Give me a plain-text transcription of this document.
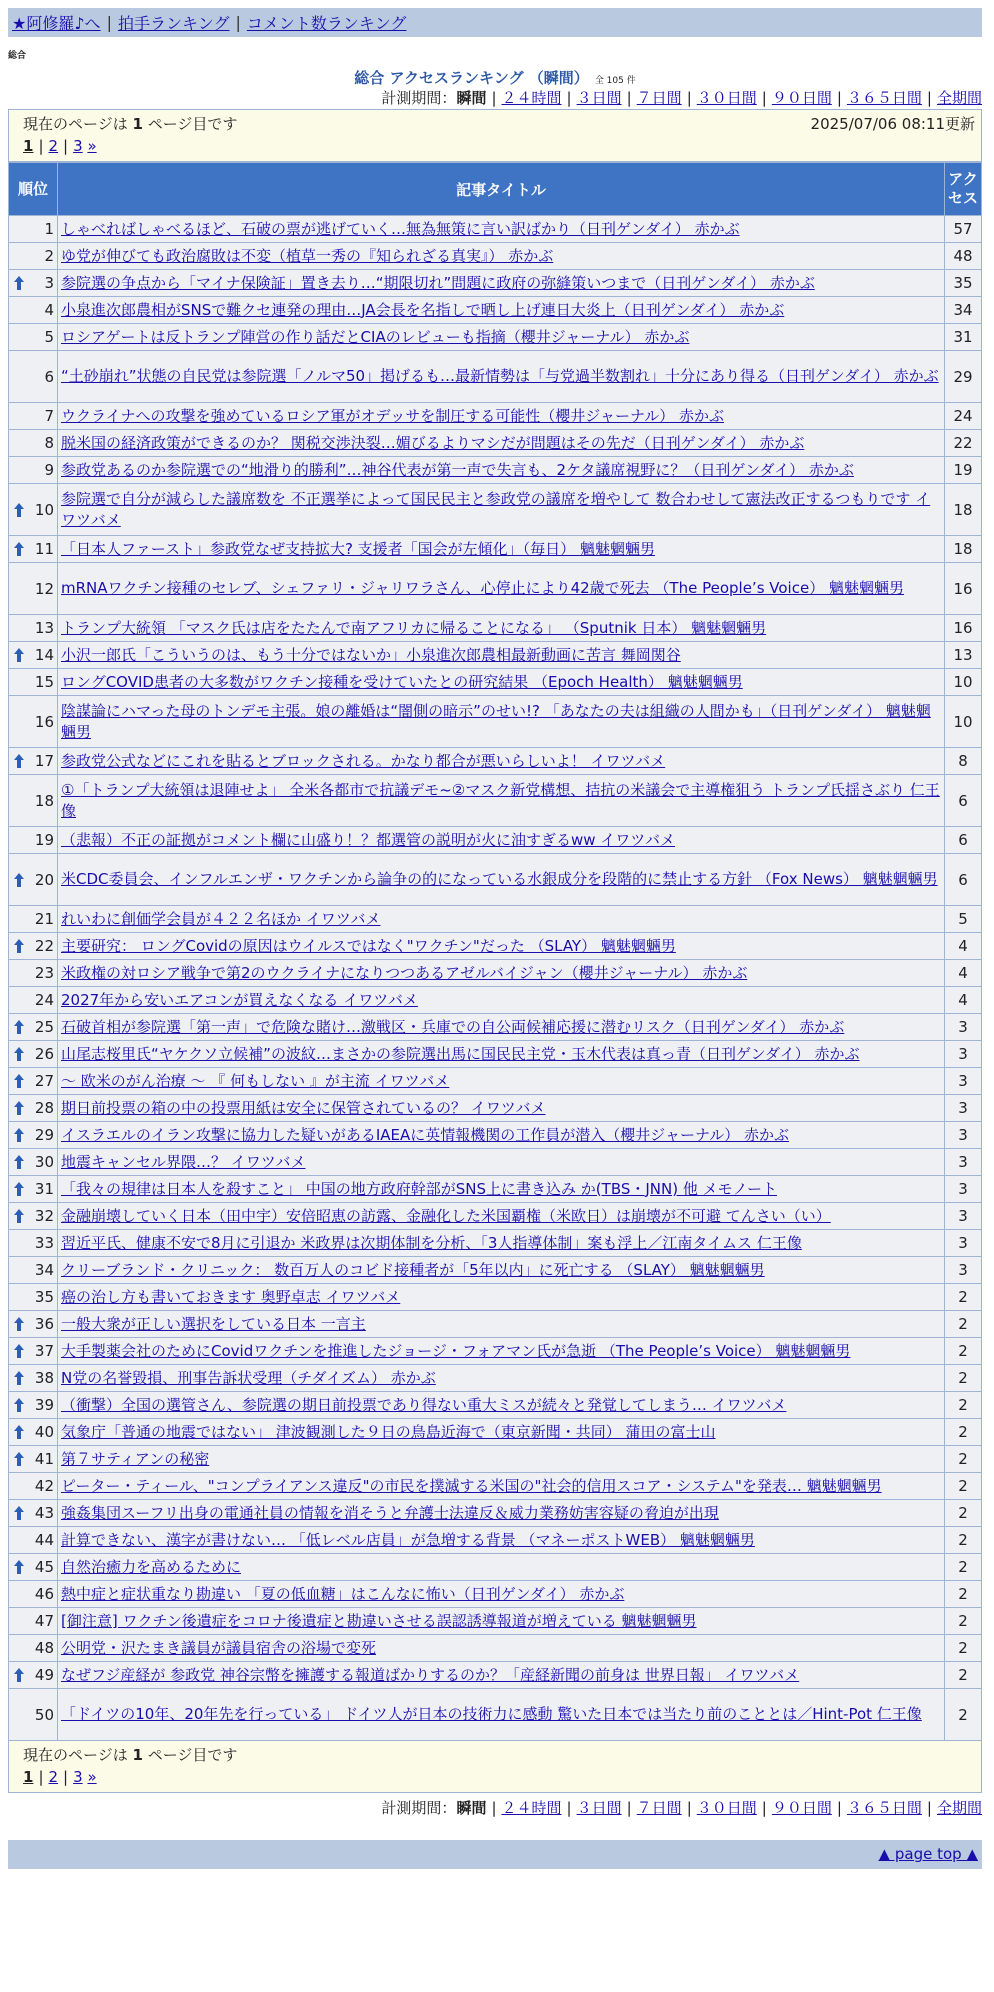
★阿修羅♪へ | 拍手ランキング | コメント数ランキング
総合
総合 アクセスランキング （瞬間） 全 105 件
計測期間：瞬間 | ２４時間 | ３日間 | ７日間 | ３０日間 | ９０日間 | ３６５日間 | 全期間
現在のページは 1 ページ目です	2025/07/06 08:11更新
1 | 2 | 3 »
順位	記事タイトル	アクセス
1	しゃべればしゃべるほど、石破の票が逃げていく…無為無策に言い訳ばかり（日刊ゲンダイ） 赤かぶ	57
2	ゆ党が伸びても政治腐敗は不変（植草一秀の『知られざる真実』） 赤かぶ	48

3	参院選の争点から「マイナ保険証」置き去り…“期限切れ”問題に政府の弥縫策いつまで（日刊ゲンダイ） 赤かぶ	35
4	小泉進次郎農相がSNSで難クセ連発の理由…JA会長を名指しで晒し上げ連日大炎上（日刊ゲンダイ） 赤かぶ	34
5	ロシアゲートは反トランプ陣営の作り話だとCIAのレビューも指摘（櫻井ジャーナル） 赤かぶ	31
6	“土砂崩れ”状態の自民党は参院選「ノルマ50」掲げるも…最新情勢は「与党過半数割れ」十分にあり得る（日刊ゲンダイ） 赤かぶ	29
7	ウクライナへの攻撃を強めているロシア軍がオデッサを制圧する可能性（櫻井ジャーナル） 赤かぶ	24
8	脱米国の経済政策ができるのか？ 関税交渉決裂…媚びるよりマシだが問題はその先だ（日刊ゲンダイ） 赤かぶ	22
9	参政党あるのか参院選での“地滑り的勝利”…神谷代表が第一声で失言も、2ケタ議席視野に？（日刊ゲンダイ） 赤かぶ	19

10	参院選で自分が減らした議席数を 不正選挙によって国民民主と参政党の議席を増やして 数合わせして憲法改正するつもりです イワツバメ	18

11	「日本人ファースト」参政党なぜ支持拡大? 支援者「国会が左傾化」（毎日） 魑魅魍魎男	18
12	mRNAワクチン接種のセレブ、シェファリ・ジャリワラさん、心停止により42歳で死去 （The People’s Voice） 魑魅魍魎男	16
13	トランプ大統領 「マスク氏は店をたたんで南アフリカに帰ることになる」 （Sputnik 日本） 魑魅魍魎男	16

14	小沢一郎氏「こういうのは、もう十分ではないか」小泉進次郎農相最新動画に苦言 舞岡関谷	13
15	ロングCOVID患者の大多数がワクチン接種を受けていたとの研究結果 （Epoch Health） 魑魅魍魎男	10
16	陰謀論にハマった母のトンデモ主張。娘の離婚は“闇側の暗示”のせい!? 「あなたの夫は組織の人間かも」（日刊ゲンダイ） 魑魅魍魎男	10

17	参政党公式などにこれを貼るとブロックされる。かなり都合が悪いらしいよ！ イワツバメ	8
18	①「トランプ大統領は退陣せよ」 全米各都市で抗議デモ~②マスク新党構想、拮抗の米議会で主導権狙う トランプ氏揺さぶり 仁王像	6
19	（悲報）不正の証拠がコメント欄に山盛り！？都選管の説明が火に油すぎるww イワツバメ	6

20	米CDC委員会、インフルエンザ・ワクチンから論争の的になっている水銀成分を段階的に禁止する方針 （Fox News） 魑魅魍魎男	6
21	れいわに創価学会員が４２２名ほか イワツバメ	5

22	主要研究： ロングCovidの原因はウイルスではなく"ワクチン"だった （SLAY） 魑魅魍魎男	4
23	米政権の対ロシア戦争で第2のウクライナになりつつあるアゼルバイジャン（櫻井ジャーナル） 赤かぶ	4
24	2027年から安いエアコンが買えなくなる イワツバメ	4

25	石破首相が参院選「第一声」で危険な賭け…激戦区・兵庫での自公両候補応援に潜むリスク（日刊ゲンダイ） 赤かぶ	3

26	山尾志桜里氏“ヤケクソ立候補”の波紋…まさかの参院選出馬に国民民主党・玉木代表は真っ青（日刊ゲンダイ） 赤かぶ	3

27	～ 欧米のがん治療 ～ 『 何もしない 』が主流 イワツバメ	3

28	期日前投票の箱の中の投票用紙は安全に保管されているの？ イワツバメ	3

29	イスラエルのイラン攻撃に協力した疑いがあるIAEAに英情報機関の工作員が潜入（櫻井ジャーナル） 赤かぶ	3

30	地震キャンセル界隈…？ イワツバメ	3

31	「我々の規律は日本人を殺すこと」 中国の地方政府幹部がSNS上に書き込み か(TBS・JNN) 他 メモノート	3

32	金融崩壊していく日本（田中宇）安倍昭恵の訪露、金融化した米国覇権（米欧日）は崩壊が不可避 てんさい（い）	3
33	習近平氏、健康不安で8月に引退か 米政界は次期体制を分析、「3人指導体制」案も浮上／江南タイムス 仁王像	3
34	クリーブランド・クリニック： 数百万人のコビド接種者が「5年以内」に死亡する （SLAY） 魑魅魍魎男	3
35	癌の治し方も書いておきます 奥野卓志 イワツバメ	2

36	一般大衆が正しい選択をしている日本 一言主	2

37	大手製薬会社のためにCovidワクチンを推進したジョージ・フォアマン氏が急逝 （The People’s Voice） 魑魅魍魎男	2

38	N党の名誉毀損、刑事告訴状受理（チダイズム） 赤かぶ	2

39	（衝撃）全国の選管さん、参院選の期日前投票であり得ない重大ミスが続々と発覚してしまう… イワツバメ	2

40	気象庁「普通の地震ではない」 津波観測した９日の鳥島近海で（東京新聞・共同） 蒲田の富士山	2

41	第７サティアンの秘密	2
42	ピーター・ティール、"コンプライアンス違反"の市民を撲滅する米国の"社会的信用スコア・システム"を発表… 魑魅魍魎男	2

43	強姦集団スーフリ出身の電通社員の情報を消そうと弁護士法違反＆威力業務妨害容疑の脅迫が出現	2
44	計算できない、漢字が書けない… 「低レベル店員」が急増する背景 （マネーポストWEB） 魑魅魍魎男	2

45	自然治癒力を高めるために	2
46	熱中症と症状重なり勘違い 「夏の低血糖」はこんなに怖い（日刊ゲンダイ） 赤かぶ	2
47	[御注意] ワクチン後遺症をコロナ後遺症と勘違いさせる誤認誘導報道が増えている 魑魅魍魎男	2
48	公明党・沢たまき議員が議員宿舎の浴場で変死	2

49	なぜフジ産経が 参政党 神谷宗幣を擁護する報道ばかりするのか？「産経新聞の前身は 世界日報」 イワツバメ	2
50	「ドイツの10年、20年先を行っている」 ドイツ人が日本の技術力に感動 驚いた日本では当たり前のこととは／Hint-Pot 仁王像	2
現在のページは 1 ページ目です
1 | 2 | 3 »
計測期間：瞬間 | ２４時間 | ３日間 | ７日間 | ３０日間 | ９０日間 | ３６５日間 | 全期間
▲ page top ▲
